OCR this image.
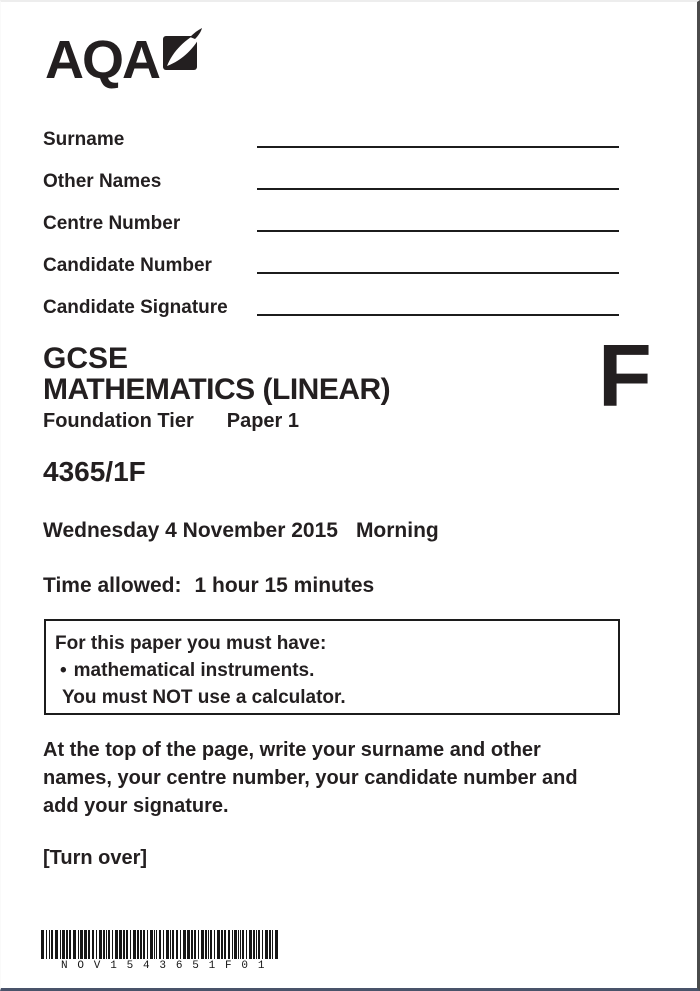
AQA
Surname
Other Names
Centre Number
Candidate Number
Candidate Signature
GCSE
MATHEMATICS (LINEAR)
Foundation Tier Paper 1	F
4365/1F
Wednesday 4 November 2015 Morning
Time allowed: 1 hour 15 minutes
For this paper you must have:
• mathematical instruments.
You must NOT use a calculator.
At the top of the page, write your surname and other
names, your centre number, your candidate number and
add your signature.
[Turn over]
N O V 1 5 4 3 6 5 1 F 0 1
